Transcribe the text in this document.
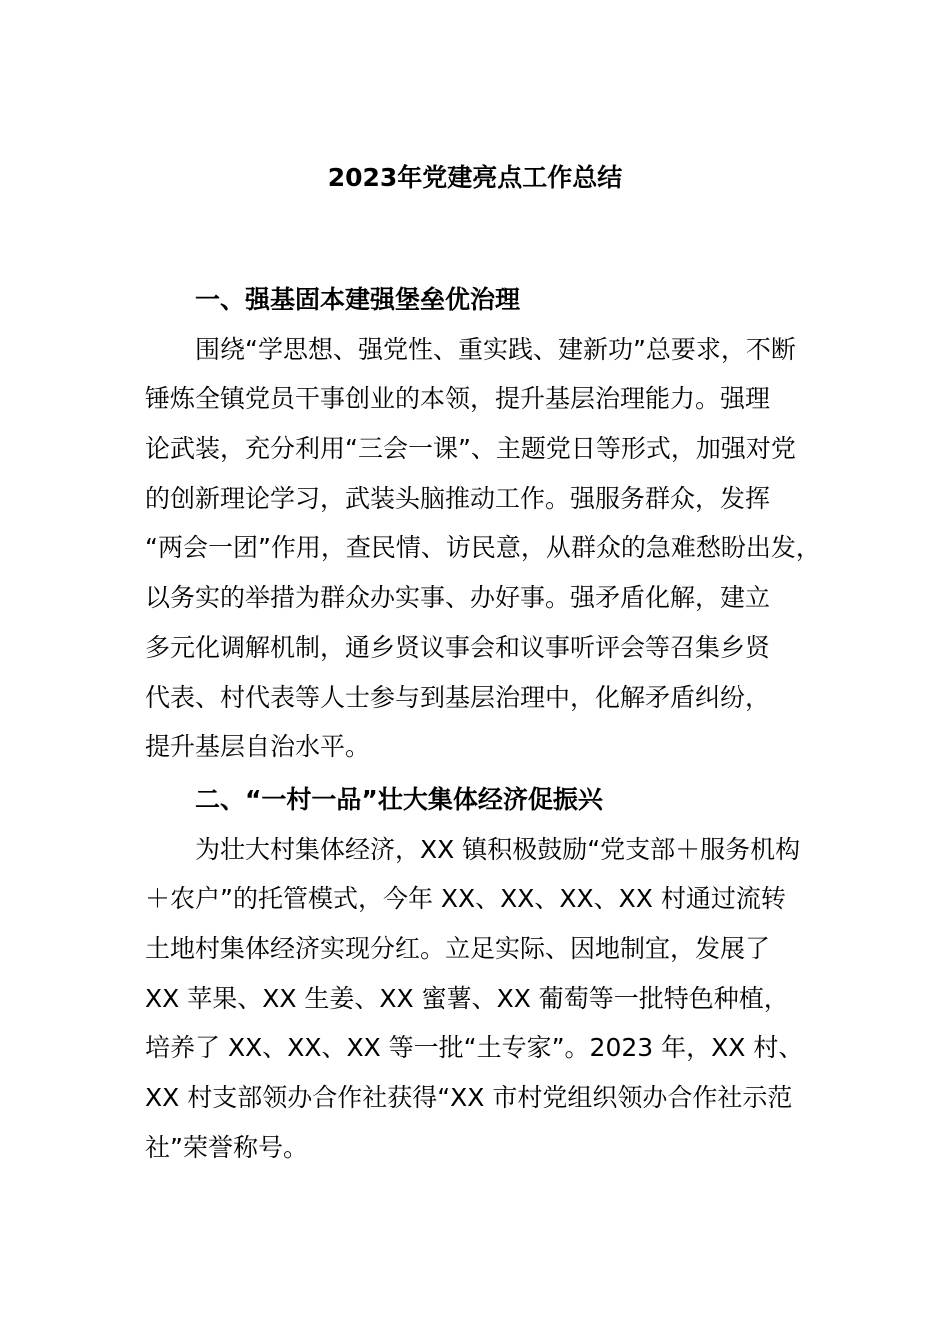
2023年党建亮点工作总结
一、强基固本建强堡垒优治理
围绕“学思想、强党性、重实践、建新功”总要求，不断
锤炼全镇党员干事创业的本领，提升基层治理能力。强理
论武装，充分利用“三会一课”、主题党日等形式，加强对党
的创新理论学习，武装头脑推动工作。强服务群众，发挥
“两会一团”作用，查民情、访民意，从群众的急难愁盼出发，
以务实的举措为群众办实事、办好事。强矛盾化解，建立
多元化调解机制，通乡贤议事会和议事听评会等召集乡贤
代表、村代表等人士参与到基层治理中，化解矛盾纠纷，
提升基层自治水平。
二、“一村一品”壮大集体经济促振兴
为壮大村集体经济，XX 镇积极鼓励“党支部＋服务机构
＋农户”的托管模式，今年 XX、XX、XX、XX 村通过流转
土地村集体经济实现分红。立足实际、因地制宜，发展了
XX 苹果、XX 生姜、XX 蜜薯、XX 葡萄等一批特色种植，
培养了 XX、XX、XX 等一批“土专家”。2023 年，XX 村、
XX 村支部领办合作社获得“XX 市村党组织领办合作社示范
社”荣誉称号。
